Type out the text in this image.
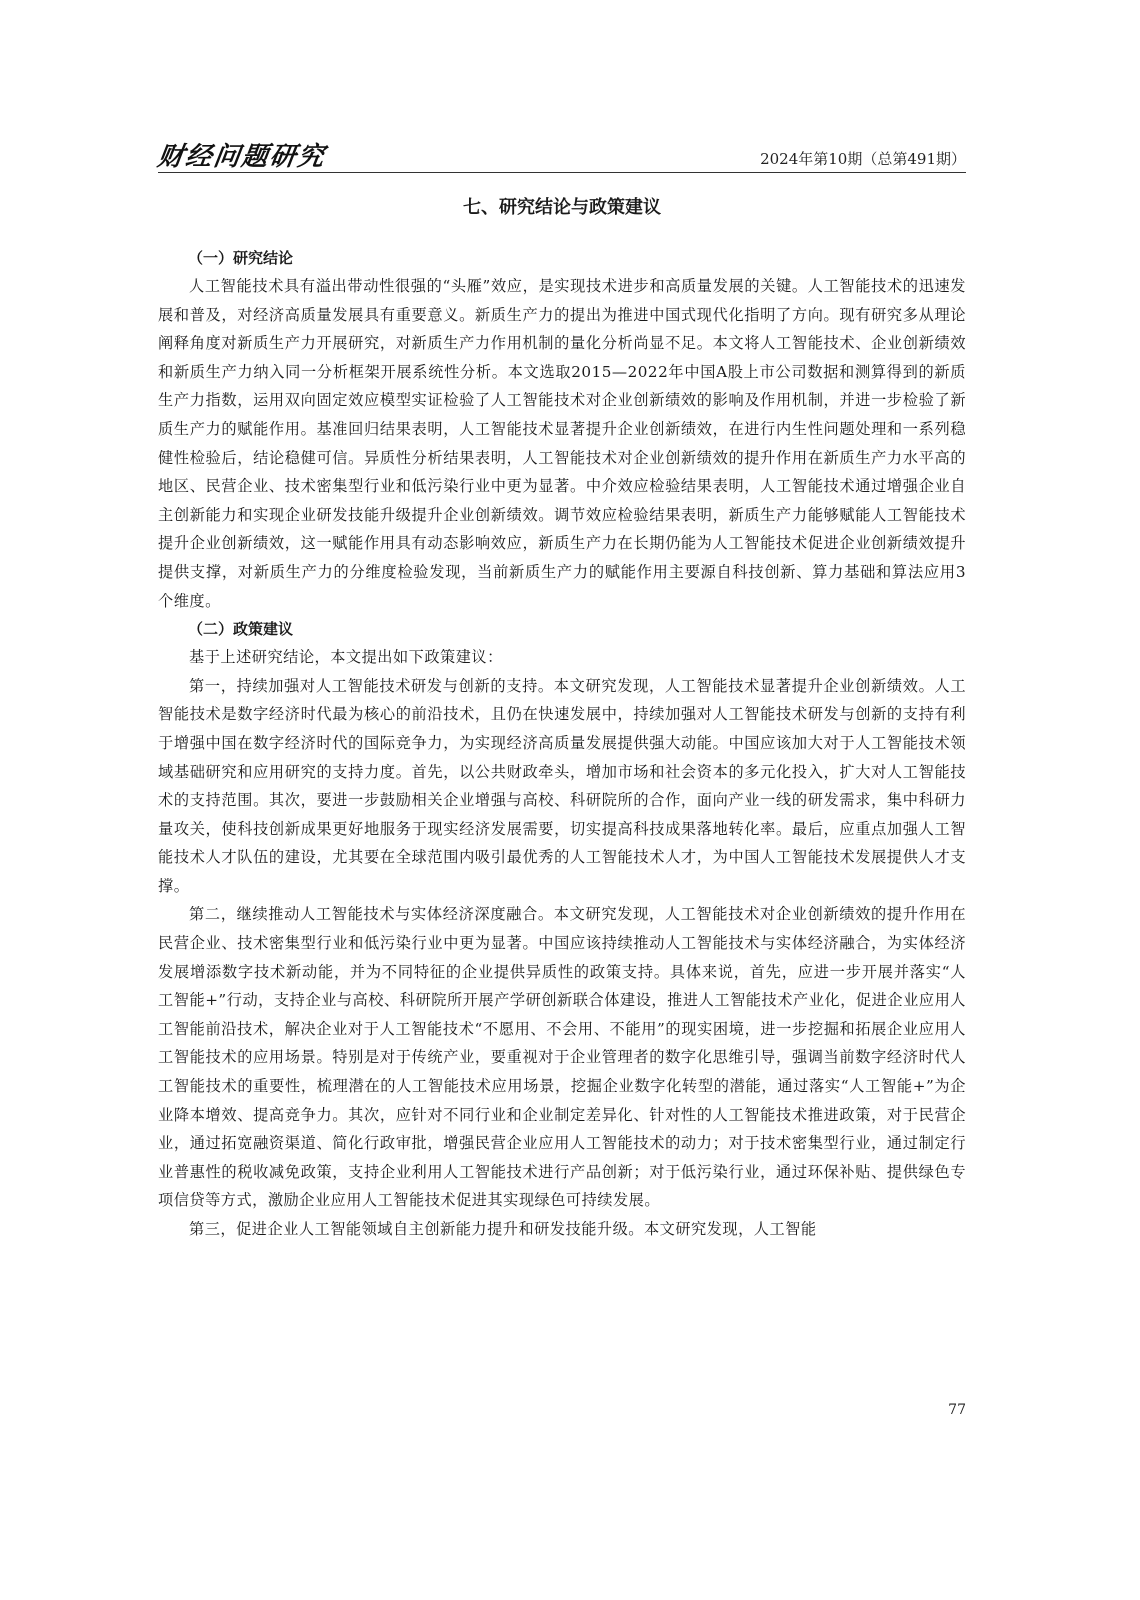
财经问题研究	2024年第10期（总第491期）
七、研究结论与政策建议
（一）研究结论

人工智能技术具有溢出带动性很强的“头雁”效应，是实现技术进步和高质量发展的关键。人工智能技术的迅速发展和普及，对经济高质量发展具有重要意义。新质生产力的提出为推进中国式现代化指明了方向。现有研究多从理论阐释角度对新质生产力开展研究，对新质生产力作用机制的量化分析尚显不足。本文将人工智能技术、企业创新绩效和新质生产力纳入同一分析框架开展系统性分析。本文选取2015—2022年中国A股上市公司数据和测算得到的新质生产力指数，运用双向固定效应模型实证检验了人工智能技术对企业创新绩效的影响及作用机制，并进一步检验了新质生产力的赋能作用。基准回归结果表明，人工智能技术显著提升企业创新绩效，在进行内生性问题处理和一系列稳健性检验后，结论稳健可信。异质性分析结果表明，人工智能技术对企业创新绩效的提升作用在新质生产力水平高的地区、民营企业、技术密集型行业和低污染行业中更为显著。中介效应检验结果表明，人工智能技术通过增强企业自主创新能力和实现企业研发技能升级提升企业创新绩效。调节效应检验结果表明，新质生产力能够赋能人工智能技术提升企业创新绩效，这一赋能作用具有动态影响效应，新质生产力在长期仍能为人工智能技术促进企业创新绩效提升提供支撑，对新质生产力的分维度检验发现，当前新质生产力的赋能作用主要源自科技创新、算力基础和算法应用3个维度。

（二）政策建议

基于上述研究结论，本文提出如下政策建议：

第一，持续加强对人工智能技术研发与创新的支持。本文研究发现，人工智能技术显著提升企业创新绩效。人工智能技术是数字经济时代最为核心的前沿技术，且仍在快速发展中，持续加强对人工智能技术研发与创新的支持有利于增强中国在数字经济时代的国际竞争力，为实现经济高质量发展提供强大动能。中国应该加大对于人工智能技术领域基础研究和应用研究的支持力度。首先，以公共财政牵头，增加市场和社会资本的多元化投入，扩大对人工智能技术的支持范围。其次，要进一步鼓励相关企业增强与高校、科研院所的合作，面向产业一线的研发需求，集中科研力量攻关，使科技创新成果更好地服务于现实经济发展需要，切实提高科技成果落地转化率。最后，应重点加强人工智能技术人才队伍的建设，尤其要在全球范围内吸引最优秀的人工智能技术人才，为中国人工智能技术发展提供人才支撑。

第二，继续推动人工智能技术与实体经济深度融合。本文研究发现，人工智能技术对企业创新绩效的提升作用在民营企业、技术密集型行业和低污染行业中更为显著。中国应该持续推动人工智能技术与实体经济融合，为实体经济发展增添数字技术新动能，并为不同特征的企业提供异质性的政策支持。具体来说，首先，应进一步开展并落实“人工智能+”行动，支持企业与高校、科研院所开展产学研创新联合体建设，推进人工智能技术产业化，促进企业应用人工智能前沿技术，解决企业对于人工智能技术“不愿用、不会用、不能用”的现实困境，进一步挖掘和拓展企业应用人工智能技术的应用场景。特别是对于传统产业，要重视对于企业管理者的数字化思维引导，强调当前数字经济时代人工智能技术的重要性，梳理潜在的人工智能技术应用场景，挖掘企业数字化转型的潜能，通过落实“人工智能+”为企业降本增效、提高竞争力。其次，应针对不同行业和企业制定差异化、针对性的人工智能技术推进政策，对于民营企业，通过拓宽融资渠道、简化行政审批，增强民营企业应用人工智能技术的动力；对于技术密集型行业，通过制定行业普惠性的税收减免政策，支持企业利用人工智能技术进行产品创新；对于低污染行业，通过环保补贴、提供绿色专项信贷等方式，激励企业应用人工智能技术促进其实现绿色可持续发展。

第三，促进企业人工智能领域自主创新能力提升和研发技能升级。本文研究发现，人工智能

77
